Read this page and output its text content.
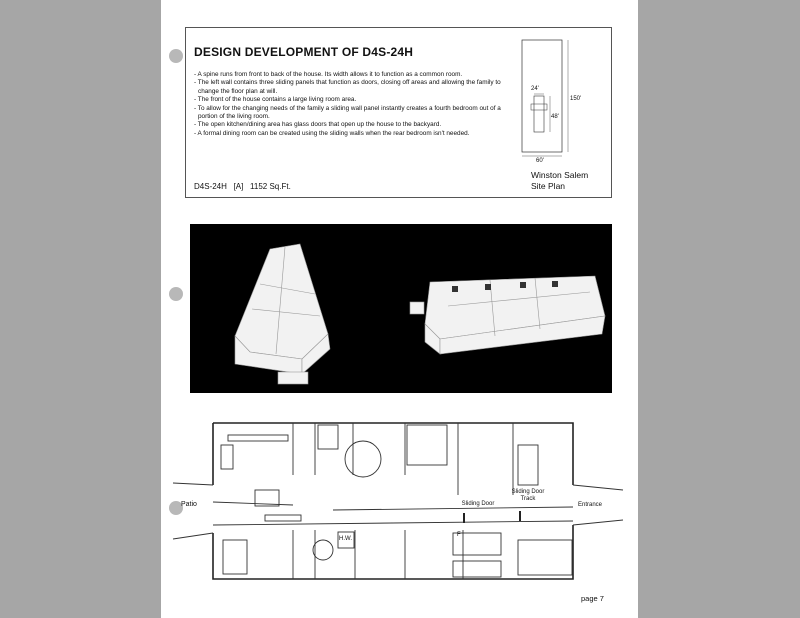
DESIGN DEVELOPMENT OF D4S-24H
- A spine runs from front to back of the house. Its width allows it to function as a common room.
- The left wall contains three sliding panels that function as doors, closing off areas and allowing the family to change the floor plan at will.
- The front of the house contains a large living room area.
- To allow for the changing needs of the family a sliding wall panel instantly creates a fourth bedroom out of a portion of the living room.
- The open kitchen/dining area has glass doors that open up the house to the backyard.
- A formal dining room can be created using the sliding walls when the rear bedroom isn't needed.
D4S-24H [A] 1152 Sq.Ft.
24'
48'
60'
150'
Winston Salem
Site Plan
Patio	Sliding Door
Sliding Door Track
Entrance
H.W.
F
page 7
